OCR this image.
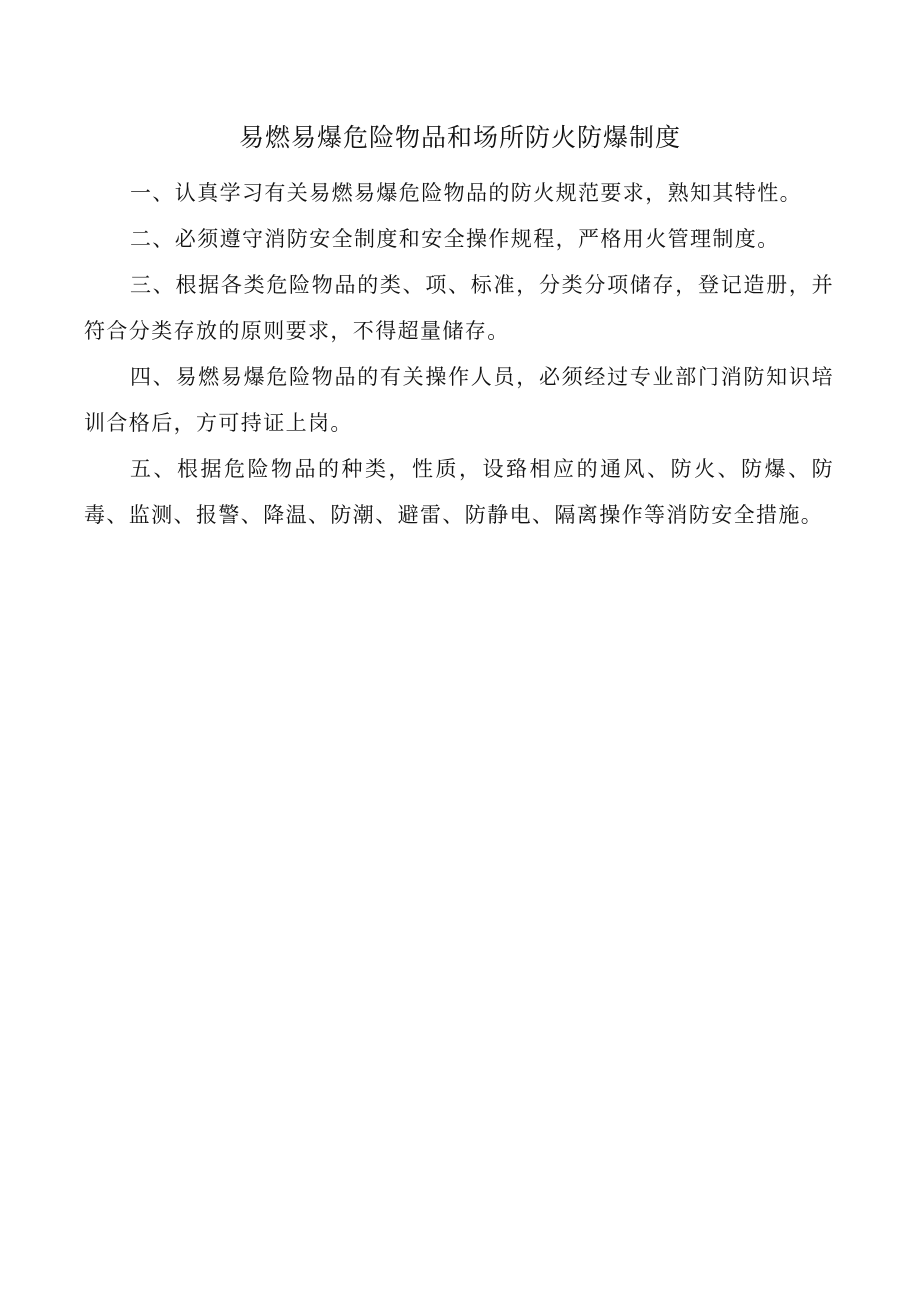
易燃易爆危险物品和场所防火防爆制度

一、认真学习有关易燃易爆危险物品的防火规范要求，熟知其特性。

二、必须遵守消防安全制度和安全操作规程，严格用火管理制度。

三、根据各类危险物品的类、项、标准，分类分项储存，登记造册，并符合分类存放的原则要求，不得超量储存。

四、易燃易爆危险物品的有关操作人员，必须经过专业部门消防知识培训合格后，方可持证上岗。

五、根据危险物品的种类，性质，设臵相应的通风、防火、防爆、防毒、监测、报警、降温、防潮、避雷、防静电、隔离操作等消防安全措施。
